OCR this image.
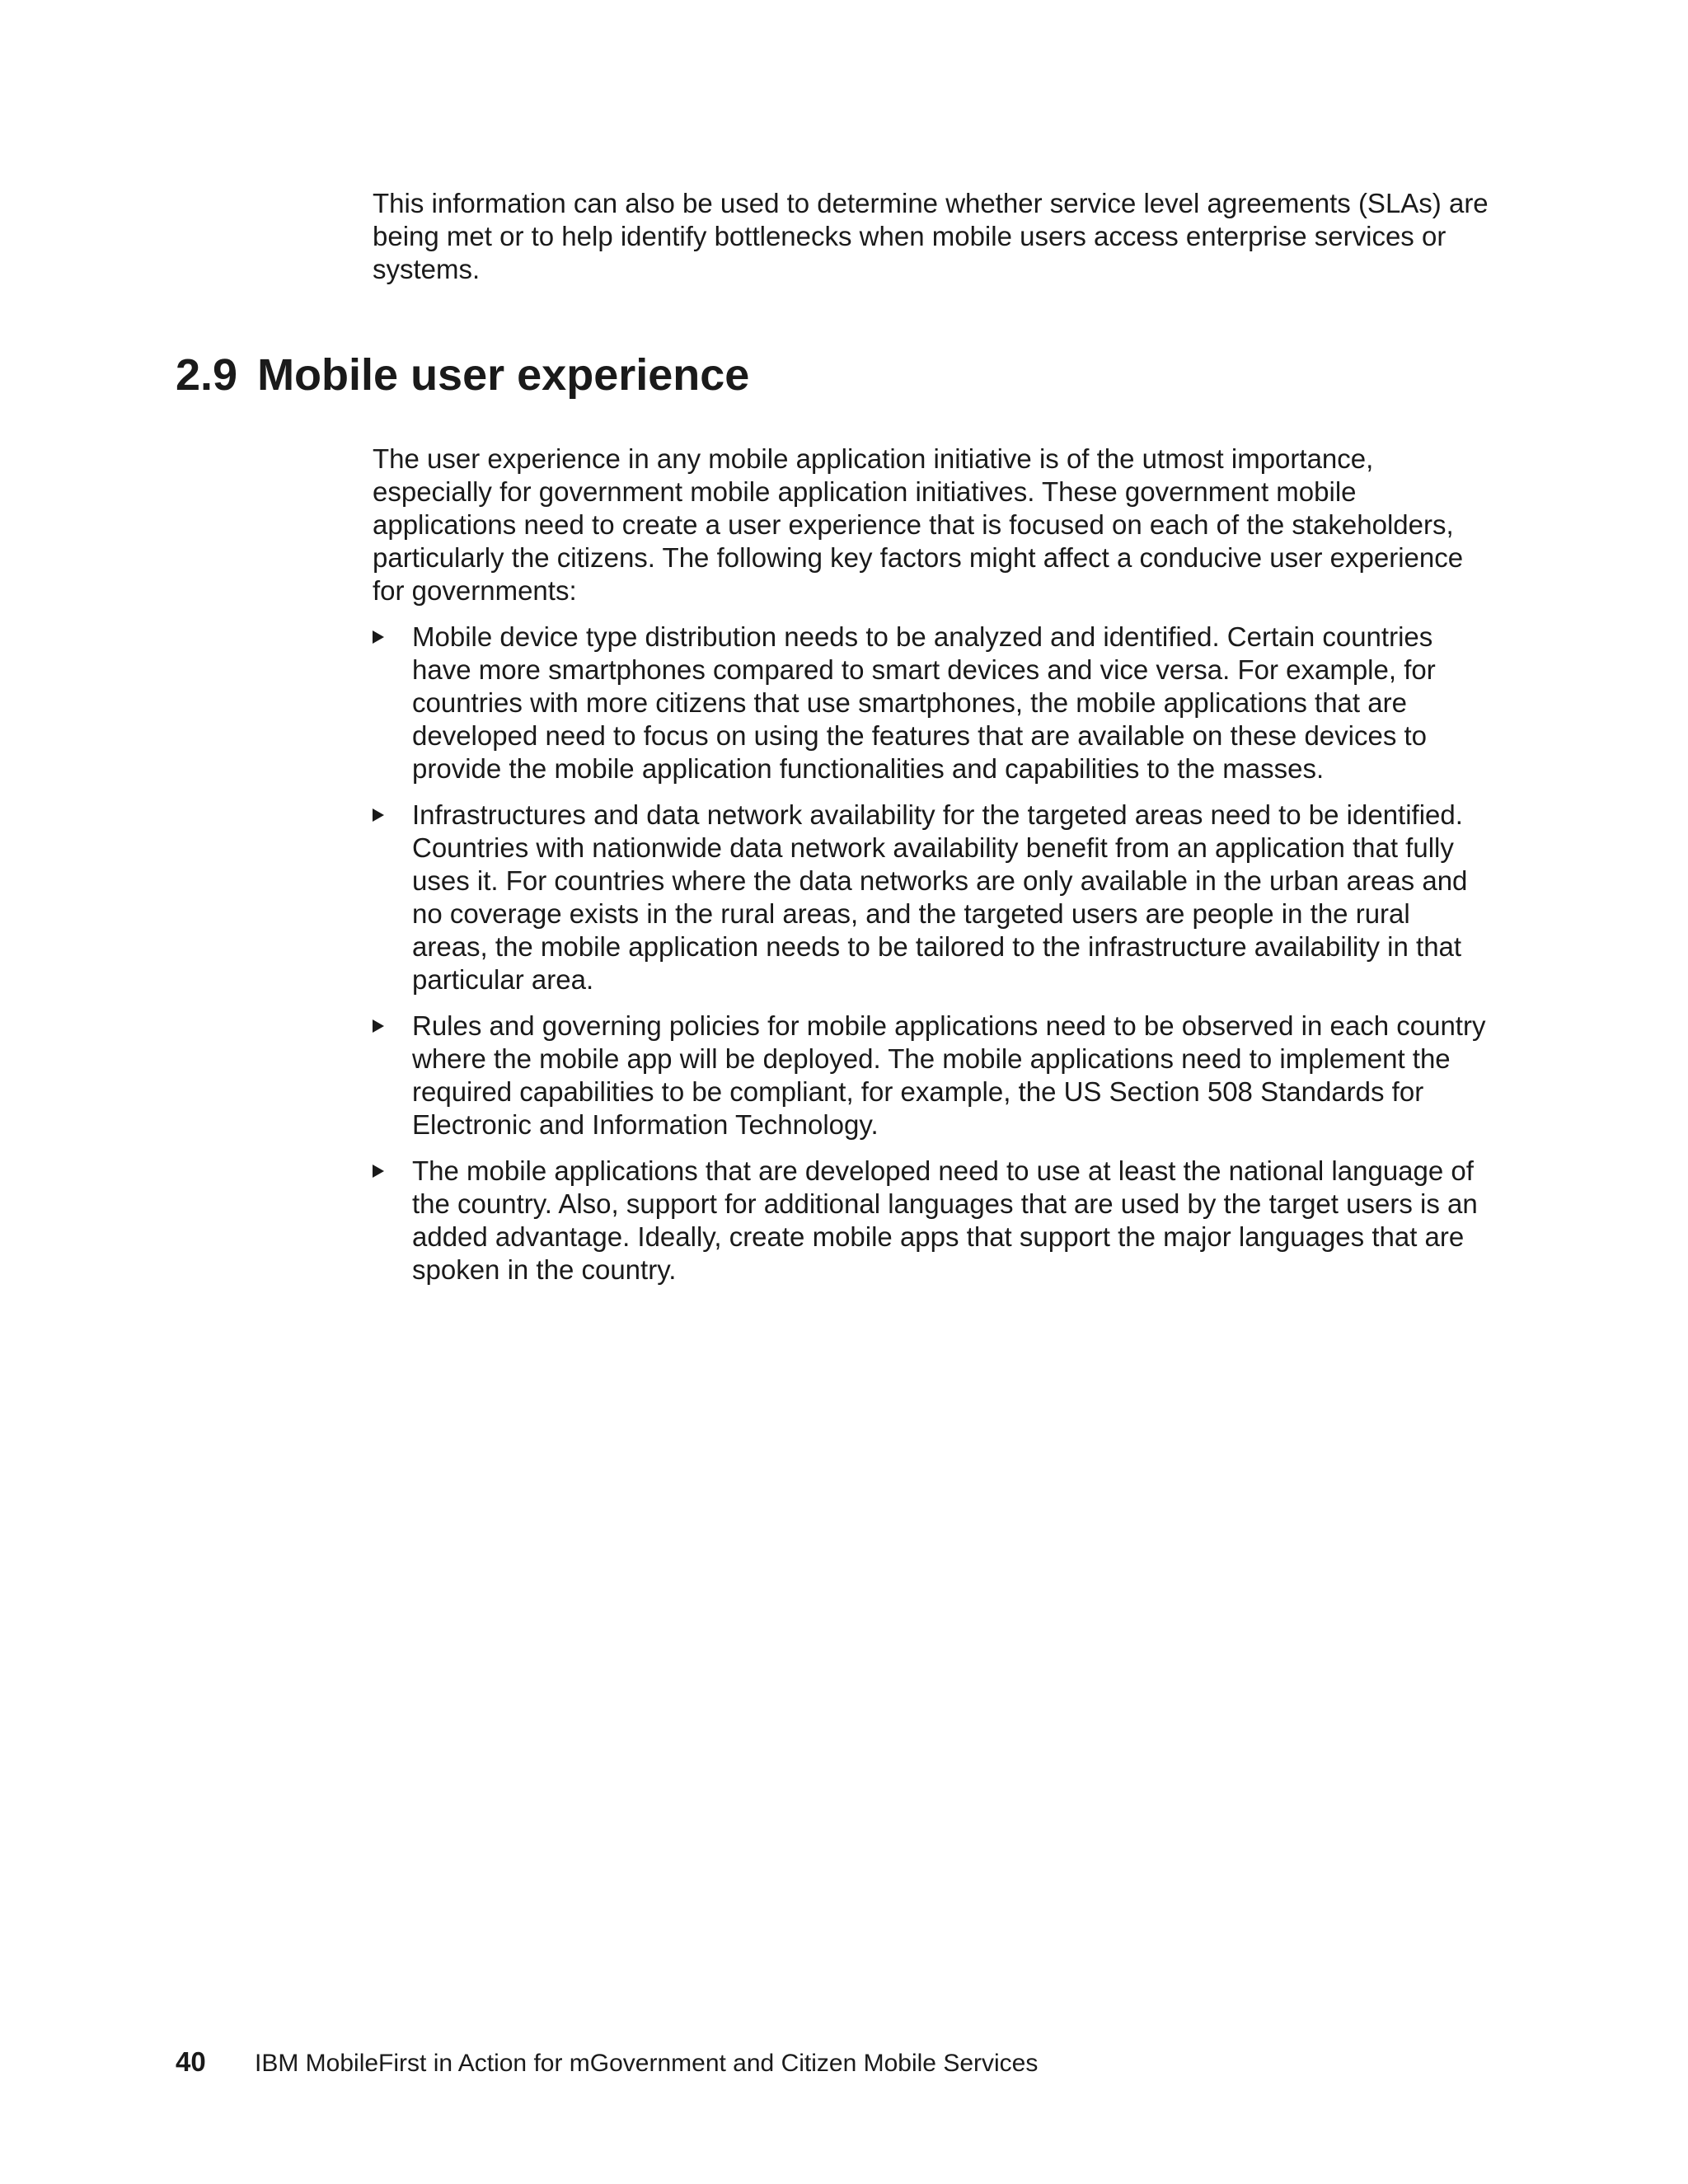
This information can also be used to determine whether service level agreements (SLAs) are being met or to help identify bottlenecks when mobile users access enterprise services or systems.

2.9 Mobile user experience

The user experience in any mobile application initiative is of the utmost importance, especially for government mobile application initiatives. These government mobile applications need to create a user experience that is focused on each of the stakeholders, particularly the citizens. The following key factors might affect a conducive user experience for governments:

Mobile device type distribution needs to be analyzed and identified. Certain countries have more smartphones compared to smart devices and vice versa. For example, for countries with more citizens that use smartphones, the mobile applications that are developed need to focus on using the features that are available on these devices to provide the mobile application functionalities and capabilities to the masses.
Infrastructures and data network availability for the targeted areas need to be identified. Countries with nationwide data network availability benefit from an application that fully uses it. For countries where the data networks are only available in the urban areas and no coverage exists in the rural areas, and the targeted users are people in the rural areas, the mobile application needs to be tailored to the infrastructure availability in that particular area.
Rules and governing policies for mobile applications need to be observed in each country where the mobile app will be deployed. The mobile applications need to implement the required capabilities to be compliant, for example, the US Section 508 Standards for Electronic and Information Technology.
The mobile applications that are developed need to use at least the national language of the country. Also, support for additional languages that are used by the target users is an added advantage. Ideally, create mobile apps that support the major languages that are spoken in the country.
40 IBM MobileFirst in Action for mGovernment and Citizen Mobile Services
